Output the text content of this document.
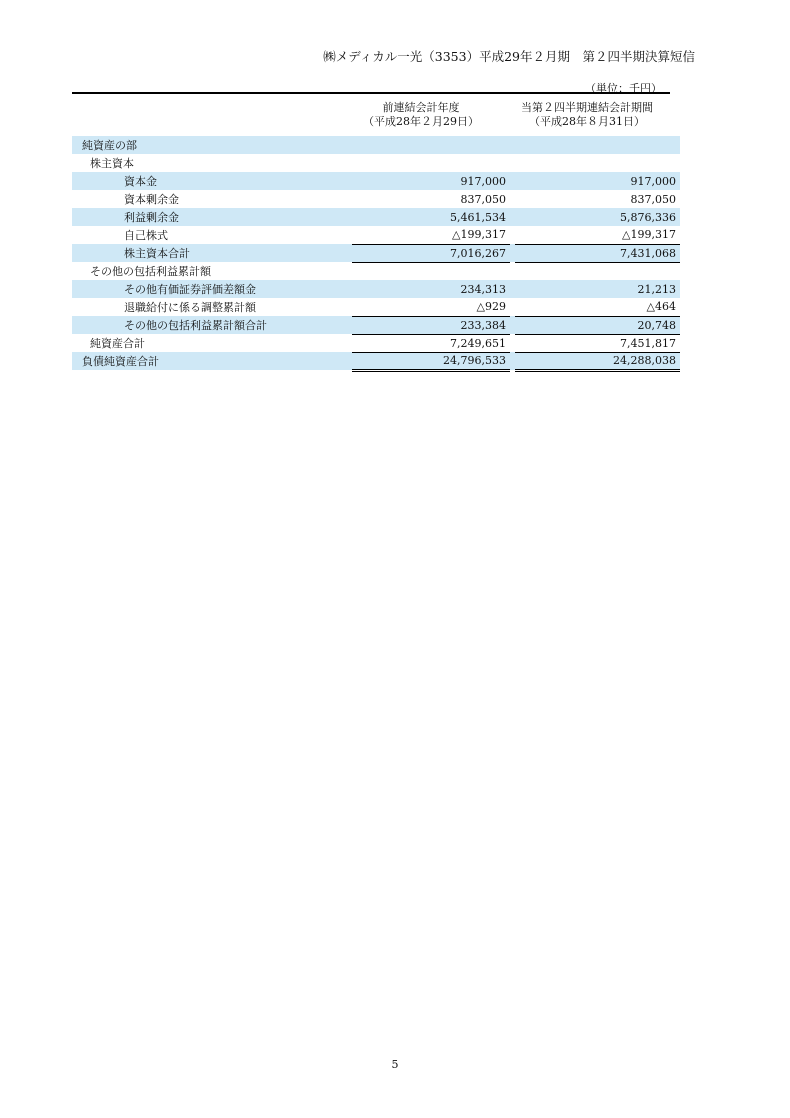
㈱メディカル一光（3353）平成29年２月期　第２四半期決算短信
（単位：千円）
前連結会計年度
（平成28年２月29日）
当第２四半期連結会計期間
（平成28年８月31日）
純資産の部			
株主資本			
資本金	917,000		917,000
資本剰余金	837,050		837,050
利益剰余金	5,461,534		5,876,336
自己株式	△199,317		△199,317
株主資本合計	7,016,267		7,431,068
その他の包括利益累計額			
その他有価証券評価差額金	234,313		21,213
退職給付に係る調整累計額	△929		△464
その他の包括利益累計額合計	233,384		20,748
純資産合計	7,249,651		7,451,817
負債純資産合計	24,796,533		24,288,038
5
